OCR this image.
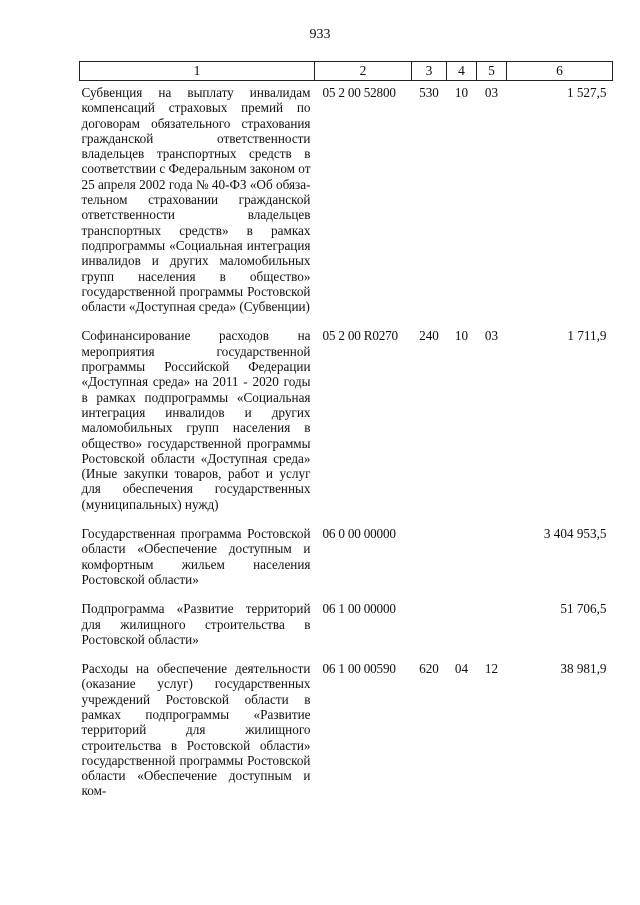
933
1	2	3	4	5	6
Субвенция на выплату инвалидам компенсаций страховых премий по договорам обязательного страхования гражданской ответственности владельцев транспортных средств в соответствии с Федеральным законом от 25 апреля 2002 года № 40-ФЗ «Об обязательном страховании гражданской ответственности владельцев транспортных средств» в рамках подпрограммы «Социальная интеграция инвалидов и других маломобильных групп населения в общество» государственной программы Ростовской области «Доступная среда» (Субвенции)	05 2 00 52800	530	10	03	1 527,5
Софинансирование расходов на мероприятия государственной программы Российской Федерации «Доступная среда» на 2011 - 2020 годы в рамках подпрограммы «Социальная интеграция инвалидов и других маломобильных групп населения в общество» государственной программы Ростовской области «Доступная среда» (Иные закупки товаров, работ и услуг для обеспечения государственных (муниципальных) нужд)	05 2 00 R0270	240	10	03	1 711,9
Государственная программа Ростовской области «Обеспечение доступным и комфортным жильем населения Ростовской области»	06 0 00 00000				3 404 953,5
Подпрограмма «Развитие территорий для жилищного строительства в Ростовской области»	06 1 00 00000				51 706,5
Расходы на обеспечение деятельности (оказание услуг) государственных учреждений Ростовской области в рамках подпрограммы «Развитие территорий для жилищного строительства в Ростовской области» государственной программы Ростовской области «Обеспечение доступным и ком-	06 1 00 00590	620	04	12	38 981,9
